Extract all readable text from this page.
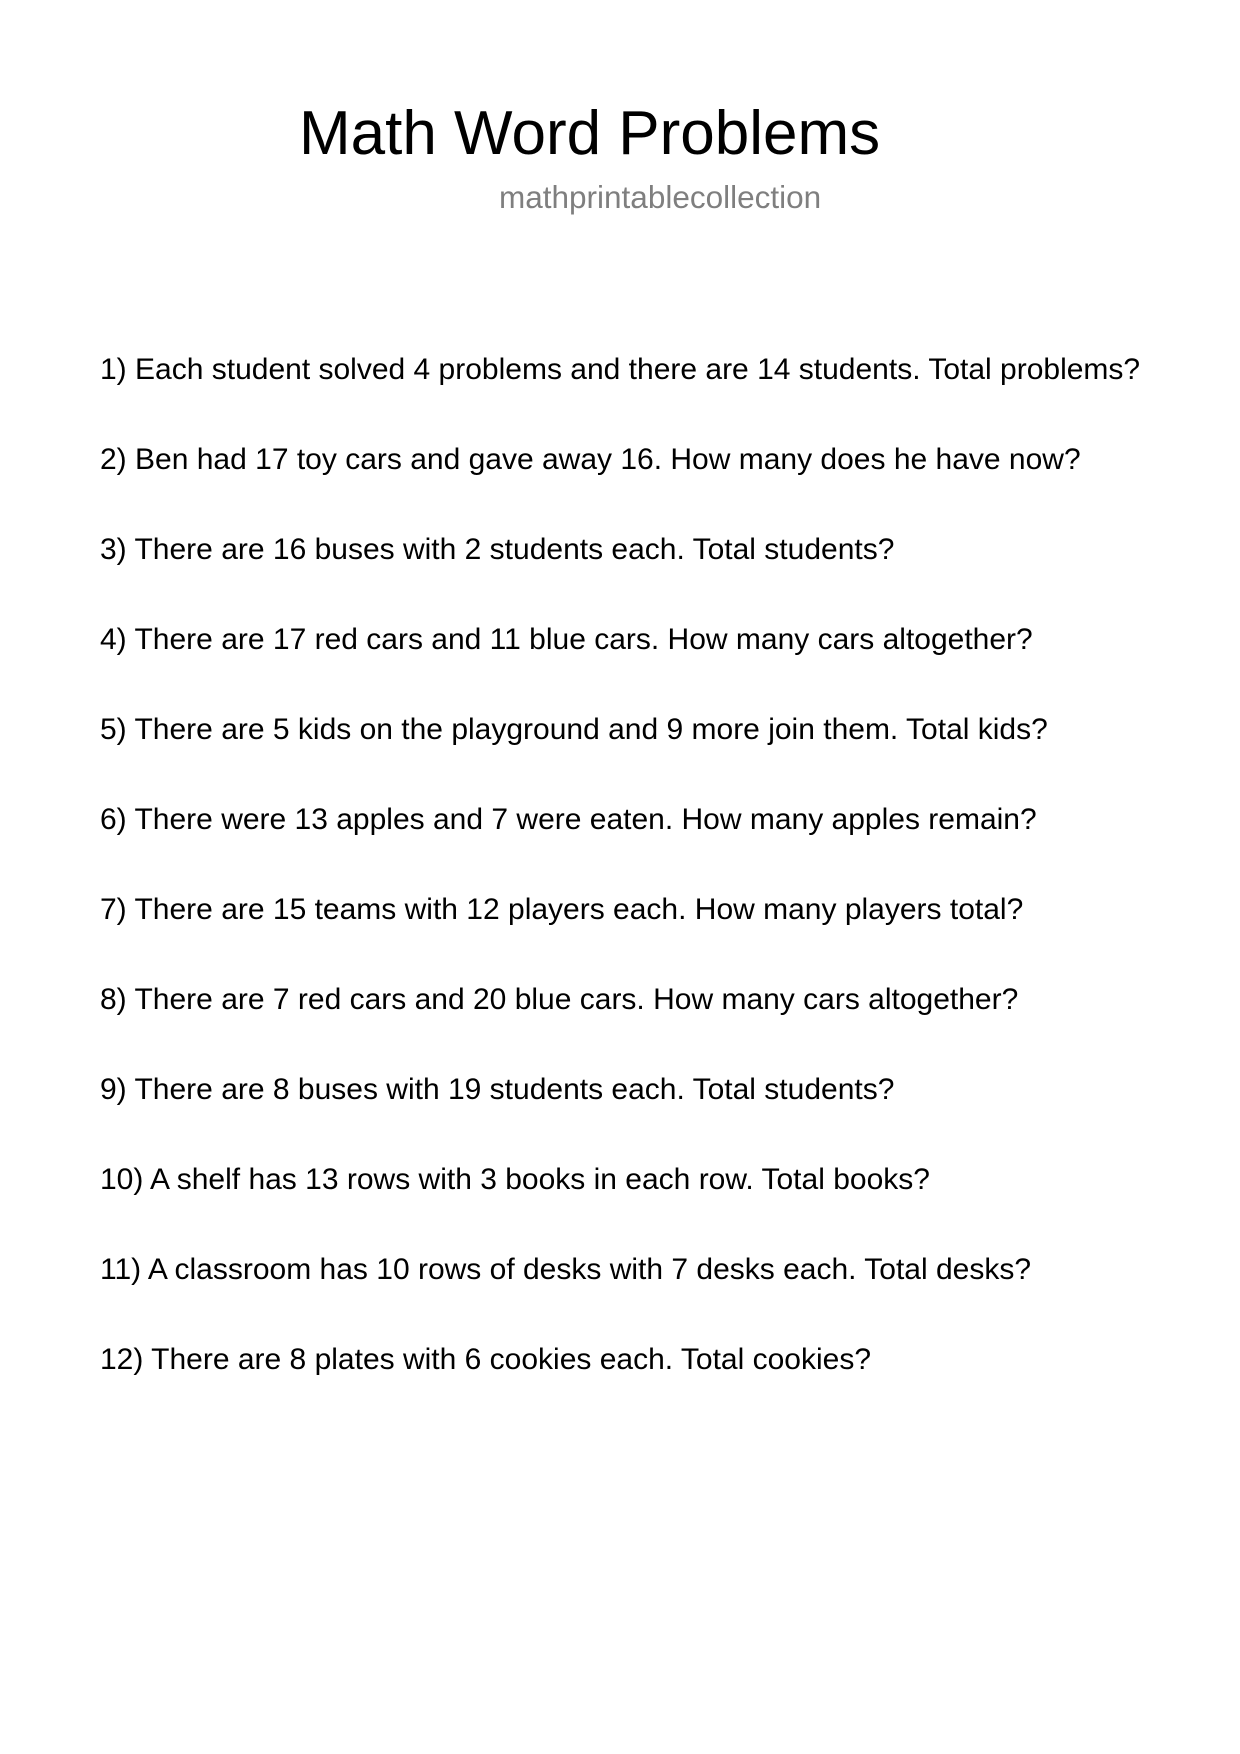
Math Word Problems
mathprintablecollection
1) Each student solved 4 problems and there are 14 students. Total problems?
2) Ben had 17 toy cars and gave away 16. How many does he have now?
3) There are 16 buses with 2 students each. Total students?
4) There are 17 red cars and 11 blue cars. How many cars altogether?
5) There are 5 kids on the playground and 9 more join them. Total kids?
6) There were 13 apples and 7 were eaten. How many apples remain?
7) There are 15 teams with 12 players each. How many players total?
8) There are 7 red cars and 20 blue cars. How many cars altogether?
9) There are 8 buses with 19 students each. Total students?
10) A shelf has 13 rows with 3 books in each row. Total books?
11) A classroom has 10 rows of desks with 7 desks each. Total desks?
12) There are 8 plates with 6 cookies each. Total cookies?
